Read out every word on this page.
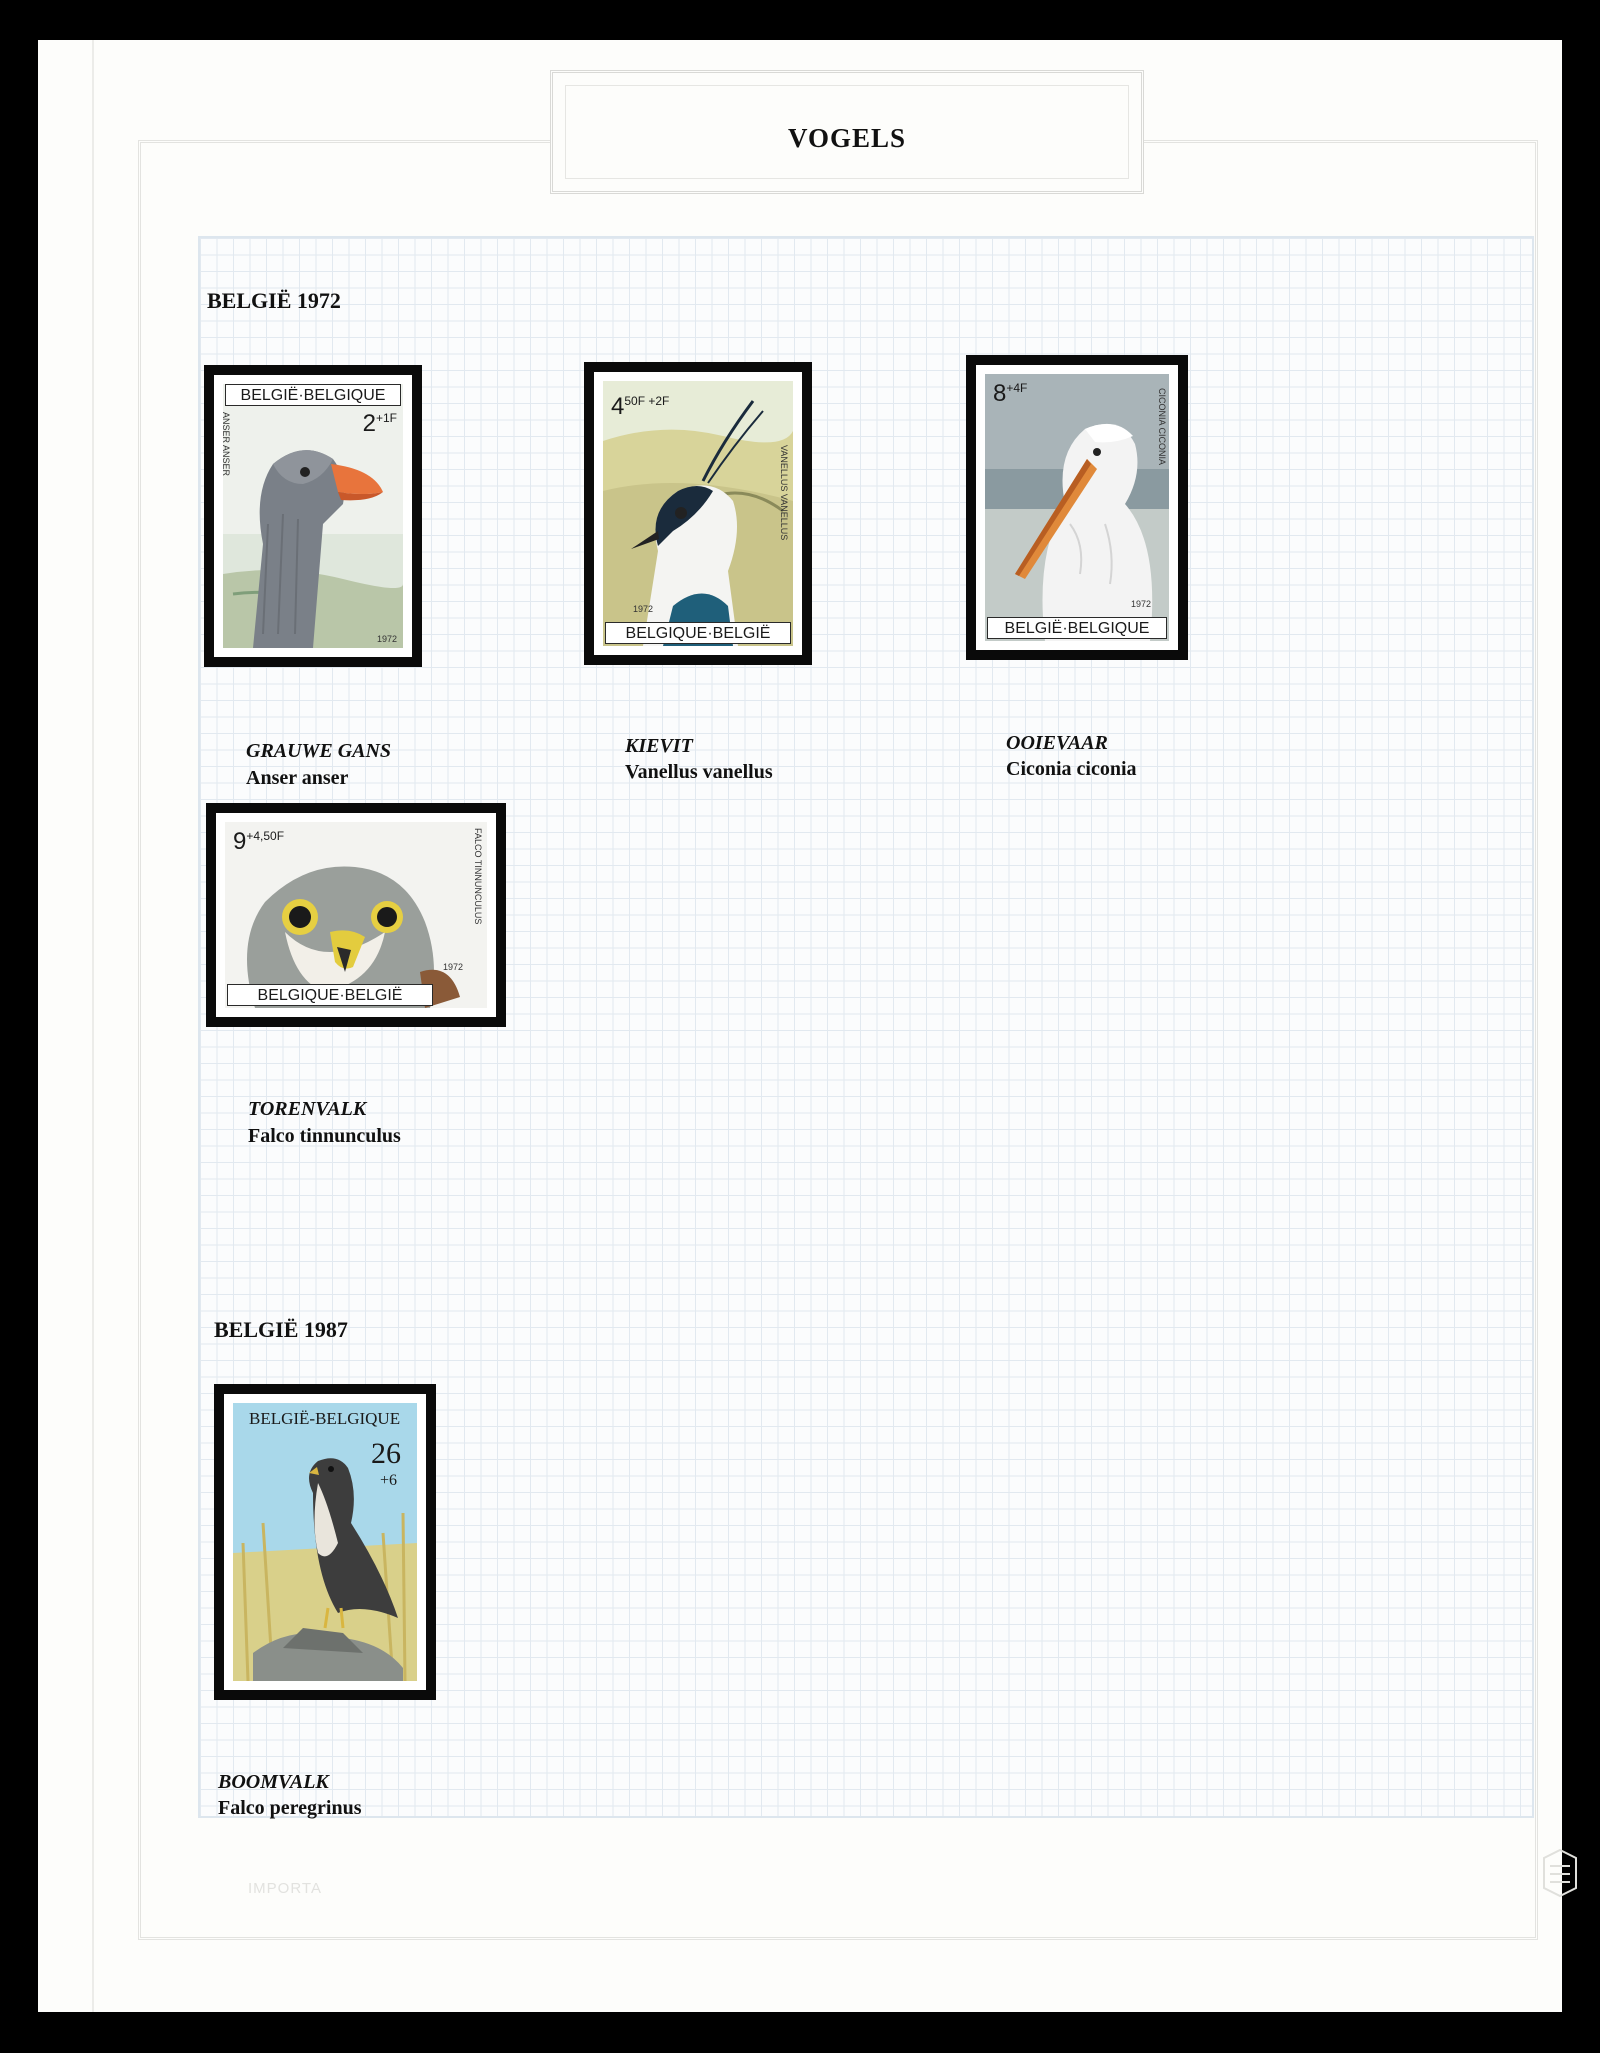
VOGELS
BELGIË 1972
BELGIË·BELGIQUE
$2^{+1F}$
ANSER ANSER
1972
GRAUWE GANS
Anser anser
$4^{50F +2F}$
VANELLUS VANELLUS
1972
BELGIQUE·BELGIË
KIEVIT
Vanellus vanellus
$8^{+4F}$	CICONIA CICONIA
1972
BELGIË·BELGIQUE
OOIEVAAR
Ciconia ciconia
$9^{+4,50F}$	FALCO TINNUNCULUS
1972
BELGIQUE·BELGIË
TORENVALK
Falco tinnunculus
BELGIË 1987
BELGIË-BELGIQUE
26
+6
BOOMVALK
Falco peregrinus
IMPORTA
